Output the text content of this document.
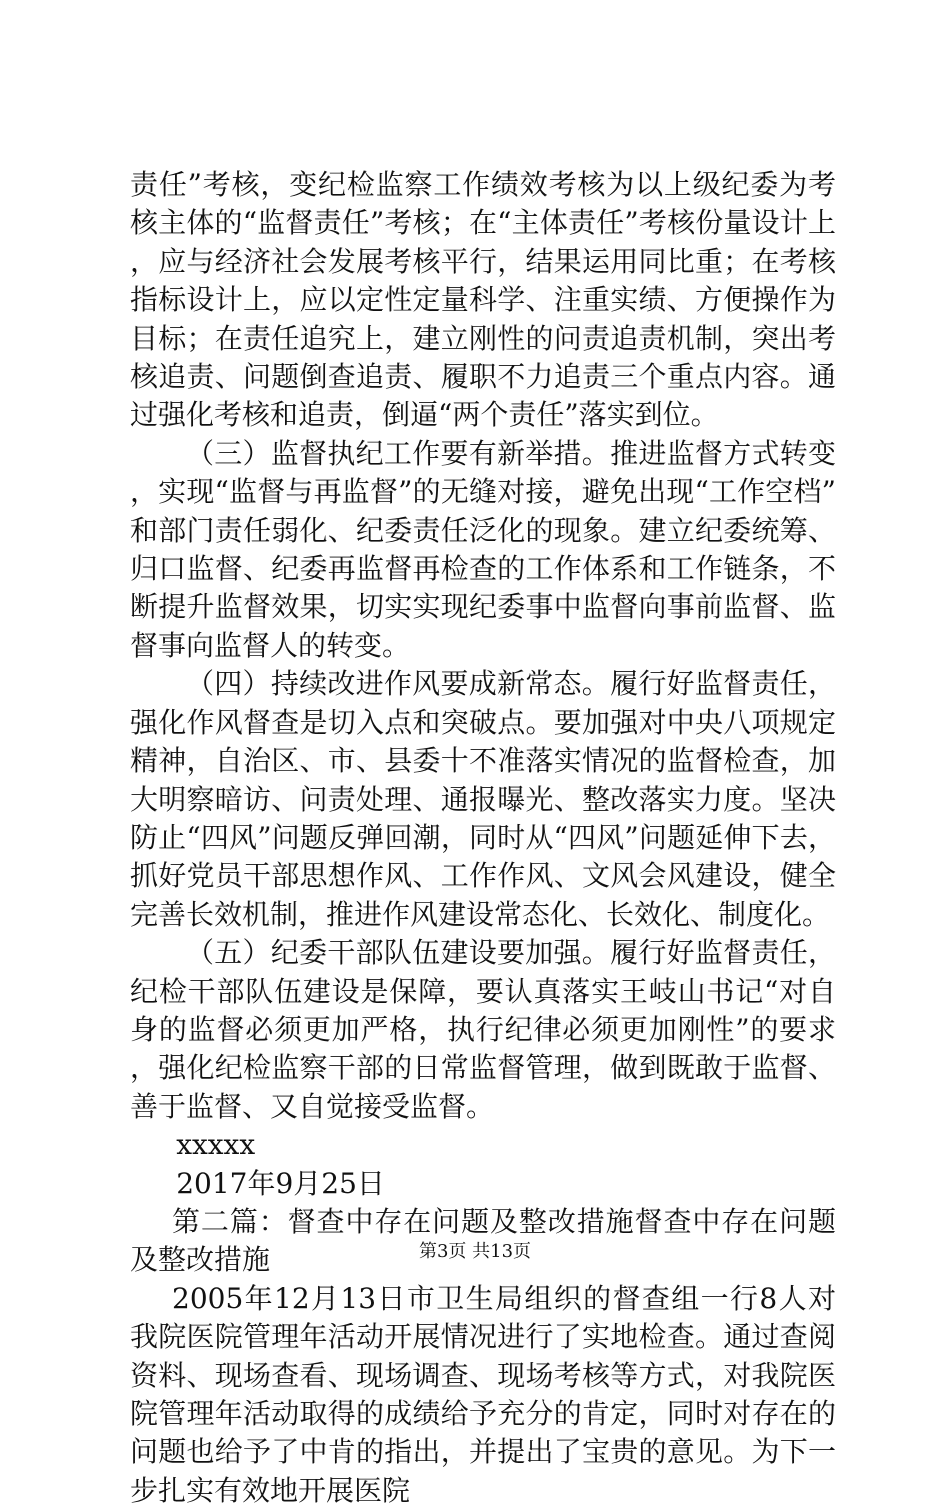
责任”考核，变纪检监察工作绩效考核为以上级纪委为考核主体的“监督责任”考核；在“主体责任”考核份量设计上，应与经济社会发展考核平行，结果运用同比重；在考核指标设计上，应以定性定量科学、注重实绩、方便操作为目标；在责任追究上，建立刚性的问责追责机制，突出考核追责、问题倒查追责、履职不力追责三个重点内容。通过强化考核和追责，倒逼“两个责任”落实到位。

（三）监督执纪工作要有新举措。推进监督方式转变，实现“监督与再监督”的无缝对接，避免出现“工作空档”和部门责任弱化、纪委责任泛化的现象。建立纪委统筹、归口监督、纪委再监督再检查的工作体系和工作链条，不断提升监督效果，切实实现纪委事中监督向事前监督、监督事向监督人的转变。

（四）持续改进作风要成新常态。履行好监督责任，强化作风督查是切入点和突破点。要加强对中央八项规定精神，自治区、市、县委十不准落实情况的监督检查，加大明察暗访、问责处理、通报曝光、整改落实力度。坚决防止“四风”问题反弹回潮，同时从“四风”问题延伸下去，抓好党员干部思想作风、工作作风、文风会风建设，健全完善长效机制，推进作风建设常态化、长效化、制度化。

（五）纪委干部队伍建设要加强。履行好监督责任，纪检干部队伍建设是保障，要认真落实王岐山书记“对自身的监督必须更加严格，执行纪律必须更加刚性”的要求，强化纪检监察干部的日常监督管理，做到既敢于监督、善于监督、又自觉接受监督。

xxxxx

2017年9月25日

第二篇：督查中存在问题及整改措施督查中存在问题及整改措施

2005年12月13日市卫生局组织的督查组一行8人对我院医院管理年活动开展情况进行了实地检查。通过查阅资料、现场查看、现场调查、现场考核等方式，对我院医院管理年活动取得的成绩给予充分的肯定，同时对存在的问题也给予了中肯的指出，并提出了宝贵的意见。为下一步扎实有效地开展医院

第3页 共13页
